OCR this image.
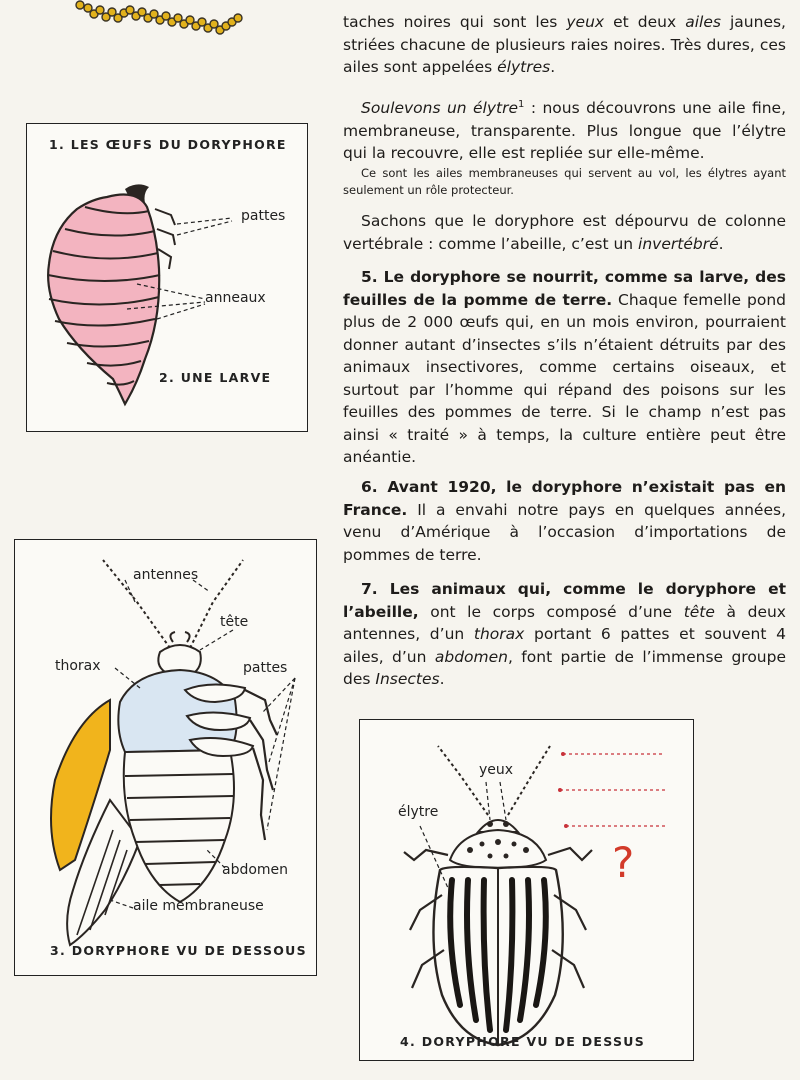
taches noires qui sont les yeux et deux ailes jaunes, striées chacune de plusieurs raies noires. Très dures, ces ailes sont appelées élytres.
Soulevons un élytre$^1$ : nous découvrons une aile fine, membraneuse, transparente. Plus longue que l’élytre qui la recouvre, elle est repliée sur elle-même.
Ce sont les ailes membraneuses qui servent au vol, les élytres ayant seulement un rôle protecteur.
Sachons que le doryphore est dépourvu de colonne vertébrale : comme l’abeille, c’est un invertébré.
5. Le doryphore se nourrit, comme sa larve, des feuilles de la pomme de terre. Chaque femelle pond plus de 2 000 œufs qui, en un mois environ, pourraient donner autant d’insectes s’ils n’étaient détruits par des animaux insectivores, comme certains oiseaux, et surtout par l’homme qui répand des poisons sur les feuilles des pommes de terre. Si le champ n’est pas ainsi « traité » à temps, la culture entière peut être anéantie.
6. Avant 1920, le doryphore n’existait pas en France. Il a envahi notre pays en quelques années, venu d’Amérique à l’occasion d’importations de pommes de terre.
7. Les animaux qui, comme le doryphore et l’abeille, ont le corps composé d’une tête à deux antennes, d’un thorax portant 6 pattes et souvent 4 ailes, d’un abdomen, font partie de l’immense groupe des Insectes.
1. LES ŒUFS DU DORYPHORE
pattes
anneaux
2. UNE LARVE
antennes
tête
thorax	pattes
abdomen
aile membraneuse
3. DORYPHORE VU DE DESSOUS
yeux
élytre
?
4. DORYPHORE VU DE DESSUS
